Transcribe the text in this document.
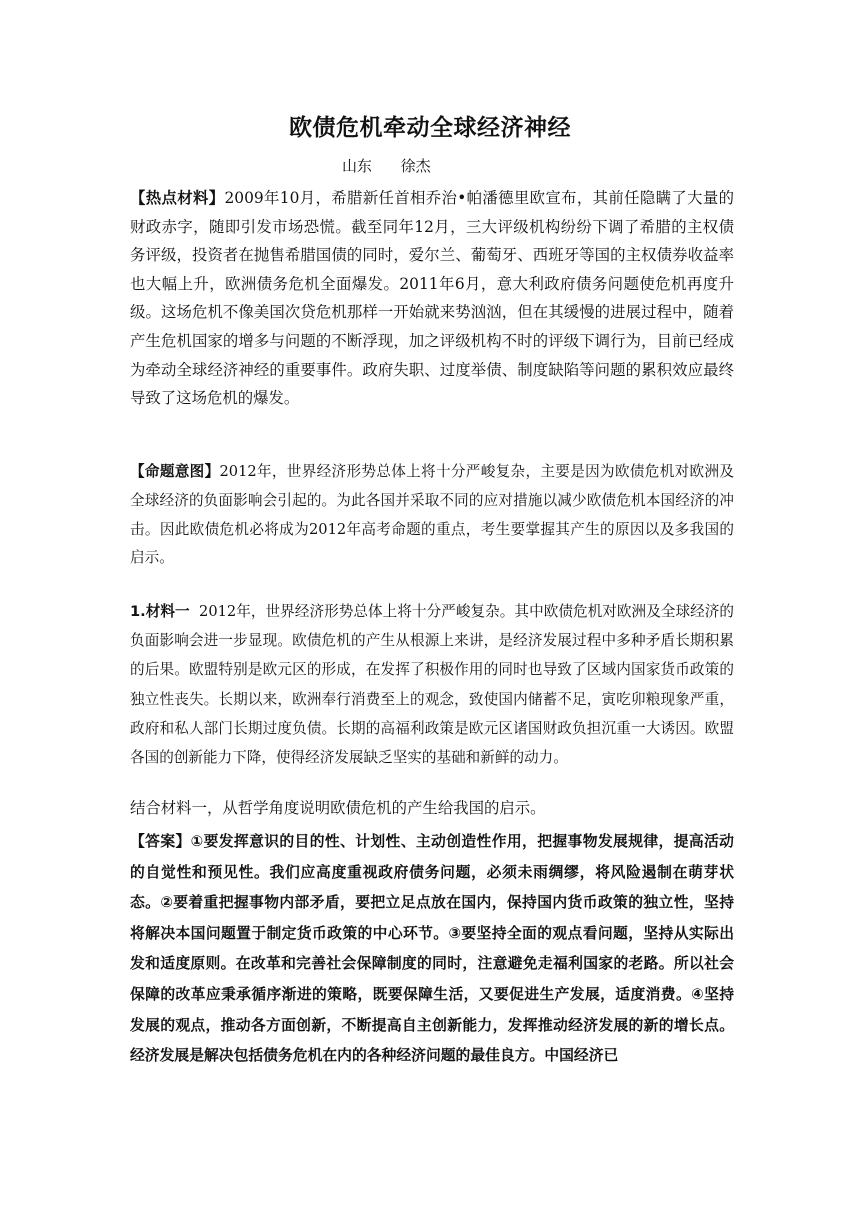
欧债危机牵动全球经济神经
山东      徐杰
【热点材料】2009年10月，希腊新任首相乔治•帕潘德里欧宣布，其前任隐瞒了大量的财政赤字，随即引发市场恐慌。截至同年12月，三大评级机构纷纷下调了希腊的主权债务评级，投资者在抛售希腊国债的同时，爱尔兰、葡萄牙、西班牙等国的主权债券收益率也大幅上升，欧洲债务危机全面爆发。2011年6月，意大利政府债务问题使危机再度升级。这场危机不像美国次贷危机那样一开始就来势汹汹，但在其缓慢的进展过程中，随着产生危机国家的增多与问题的不断浮现，加之评级机构不时的评级下调行为，目前已经成为牵动全球经济神经的重要事件。政府失职、过度举债、制度缺陷等问题的累积效应最终导致了这场危机的爆发。
【命题意图】2012年，世界经济形势总体上将十分严峻复杂，主要是因为欧债危机对欧洲及全球经济的负面影响会引起的。为此各国并采取不同的应对措施以减少欧债危机本国经济的冲击。因此欧债危机必将成为2012年高考命题的重点，考生要掌握其产生的原因以及多我国的启示。
1.材料一  2012年，世界经济形势总体上将十分严峻复杂。其中欧债危机对欧洲及全球经济的负面影响会进一步显现。欧债危机的产生从根源上来讲，是经济发展过程中多种矛盾长期积累的后果。欧盟特别是欧元区的形成，在发挥了积极作用的同时也导致了区域内国家货币政策的独立性丧失。长期以来，欧洲奉行消费至上的观念，致使国内储蓄不足，寅吃卯粮现象严重，政府和私人部门长期过度负债。长期的高福利政策是欧元区诸国财政负担沉重一大诱因。欧盟各国的创新能力下降，使得经济发展缺乏坚实的基础和新鲜的动力。
结合材料一，从哲学角度说明欧债危机的产生给我国的启示。
【答案】①要发挥意识的目的性、计划性、主动创造性作用，把握事物发展规律，提高活动的自觉性和预见性。我们应高度重视政府债务问题，必须未雨绸缪，将风险遏制在萌芽状态。②要着重把握事物内部矛盾，要把立足点放在国内，保持国内货币政策的独立性，坚持将解决本国问题置于制定货币政策的中心环节。③要坚持全面的观点看问题，坚持从实际出发和适度原则。在改革和完善社会保障制度的同时，注意避免走福利国家的老路。所以社会保障的改革应秉承循序渐进的策略，既要保障生活，又要促进生产发展，适度消费。④坚持发展的观点，推动各方面创新，不断提高自主创新能力，发挥推动经济发展的新的增长点。经济发展是解决包括债务危机在内的各种经济问题的最佳良方。中国经济已
